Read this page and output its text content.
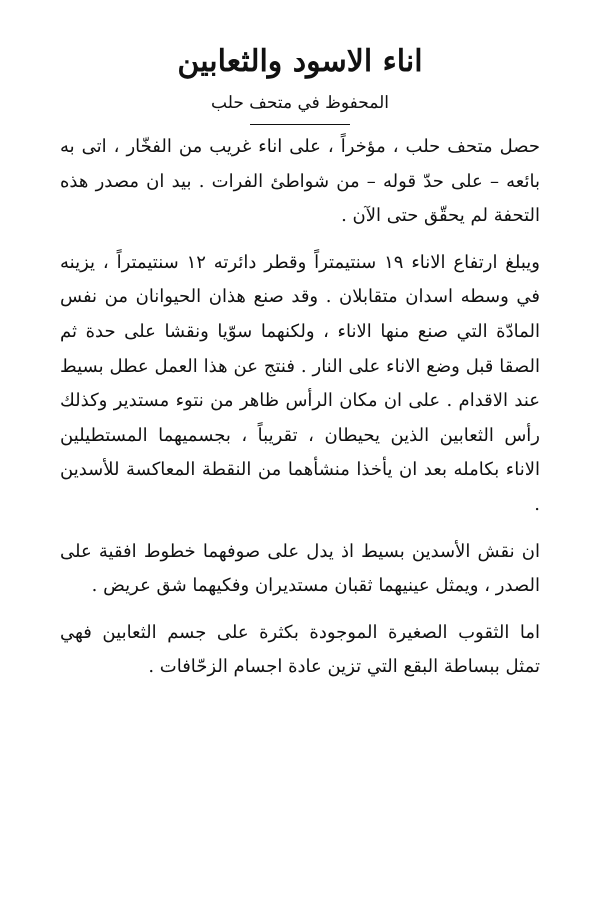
اناء الاسود والثعابين
المحفوظ في متحف حلب

حصل متحف حلب ، مؤخراً ، على اناء غريب من الفخّار ، اتى به بائعه – على حدّ قوله – من شواطئ الفرات . بيد ان مصدر هذه التحفة لم يحقّق حتى الآن .

ويبلغ ارتفاع الاناء ١٩ سنتيمتراً وقطر دائرته ١٢ سنتيمتراً ، يزينه في وسطه اسدان متقابلان . وقد صنع هذان الحيوانان من نفس المادّة التي صنع منها الاناء ، ولكنهما سوّيا ونقشا على حدة ثم الصقا قبل وضع الاناء على النار . فنتج عن هذا العمل عطل بسيط عند الاقدام . على ان مكان الرأس ظاهر من نتوء مستدير وكذلك رأس الثعابين الذين يحيطان ، تقريباً ، بجسميهما المستطيلين الاناء بكامله بعد ان يأخذا منشأهما من النقطة المعاكسة للأسدين .

ان نقش الأسدين بسيط اذ يدل على صوفهما خطوط افقية على الصدر ، ويمثل عينيهما ثقبان مستديران وفكيهما شق عريض .

اما الثقوب الصغيرة الموجودة بكثرة على جسم الثعابين فهي تمثل ببساطة البقع التي تزين عادة اجسام الزحّافات .
